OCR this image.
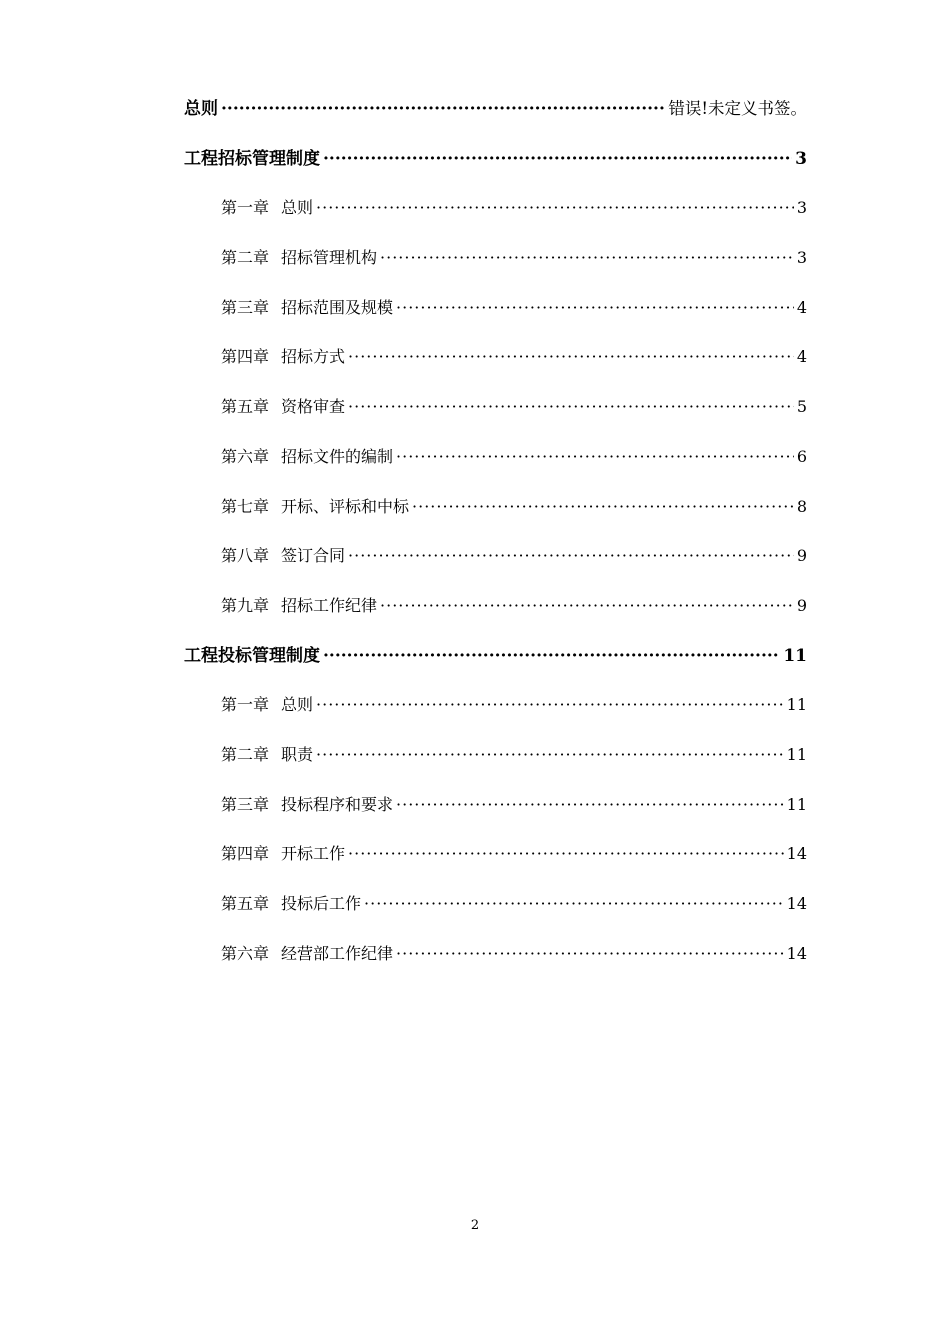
总则 ·····	错误!未定义书签。
工程招标管理制度 ·····	3
第一章 总则 ·····	3
第二章 招标管理机构 ·····	3
第三章 招标范围及规模 ·····	4
第四章 招标方式 ·····	4
第五章 资格审查 ·····	5
第六章 招标文件的编制 ·····	6
第七章 开标、评标和中标 ·····	8
第八章 签订合同 ·····	9
第九章 招标工作纪律 ·····	9
工程投标管理制度 ·····	11
第一章 总则 ·····	11
第二章 职责 ·····	11
第三章 投标程序和要求 ·····	11
第四章 开标工作 ·····	14
第五章 投标后工作 ·····	14
第六章 经营部工作纪律 ·····	14
2
